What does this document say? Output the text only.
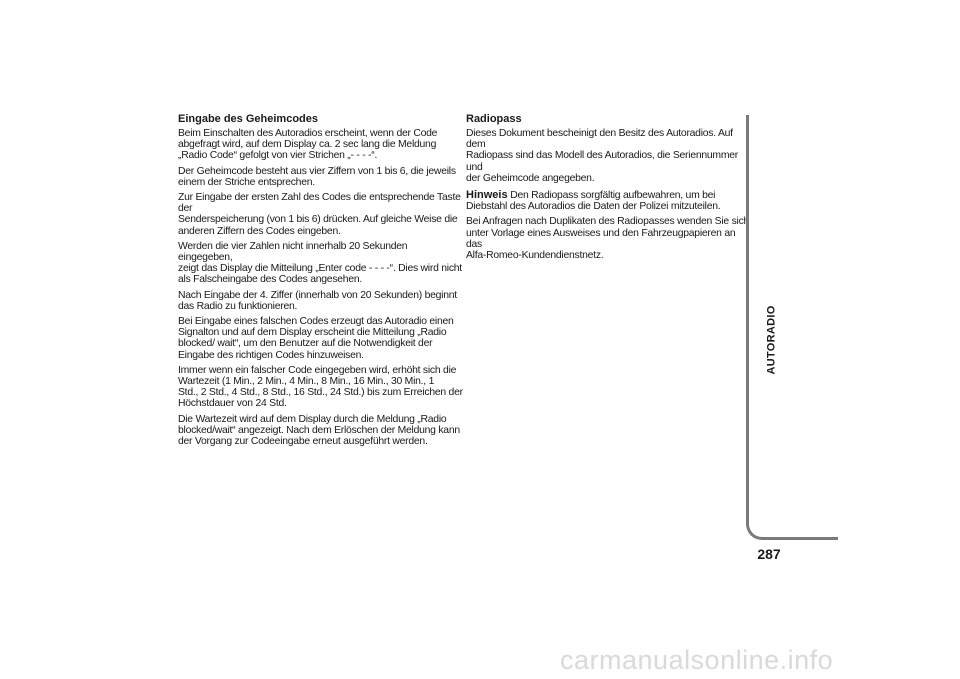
Eingabe des Geheimcodes

Beim Einschalten des Autoradios erscheint, wenn der Code
abgefragt wird, auf dem Display ca. 2 sec lang die Meldung
„Radio Code“ gefolgt von vier Strichen „- - - -“.

Der Geheimcode besteht aus vier Ziffern von 1 bis 6, die jeweils
einem der Striche entsprechen.

Zur Eingabe der ersten Zahl des Codes die entsprechende Taste der
Senderspeicherung (von 1 bis 6) drücken. Auf gleiche Weise die
anderen Ziffern des Codes eingeben.

Werden die vier Zahlen nicht innerhalb 20 Sekunden eingegeben,
zeigt das Display die Mitteilung „Enter code - - - -“. Dies wird nicht
als Falscheingabe des Codes angesehen.

Nach Eingabe der 4. Ziffer (innerhalb von 20 Sekunden) beginnt
das Radio zu funktionieren.

Bei Eingabe eines falschen Codes erzeugt das Autoradio einen
Signalton und auf dem Display erscheint die Mitteilung „Radio
blocked/ wait“, um den Benutzer auf die Notwendigkeit der
Eingabe des richtigen Codes hinzuweisen.

Immer wenn ein falscher Code eingegeben wird, erhöht sich die
Wartezeit (1 Min., 2 Min., 4 Min., 8 Min., 16 Min., 30 Min., 1
Std., 2 Std., 4 Std., 8 Std., 16 Std., 24 Std.) bis zum Erreichen der
Höchstdauer von 24 Std.

Die Wartezeit wird auf dem Display durch die Meldung „Radio
blocked/wait“ angezeigt. Nach dem Erlöschen der Meldung kann
der Vorgang zur Codeeingabe erneut ausgeführt werden.

Radiopass

Dieses Dokument bescheinigt den Besitz des Autoradios. Auf dem
Radiopass sind das Modell des Autoradios, die Seriennummer und
der Geheimcode angegeben.

Hinweis Den Radiopass sorgfältig aufbewahren, um bei
Diebstahl des Autoradios die Daten der Polizei mitzuteilen.

Bei Anfragen nach Duplikaten des Radiopasses wenden Sie sich
unter Vorlage eines Ausweises und den Fahrzeugpapieren an das
Alfa-Romeo-Kundendienstnetz.

AUTORADIO
287
carmanualsonline.info
